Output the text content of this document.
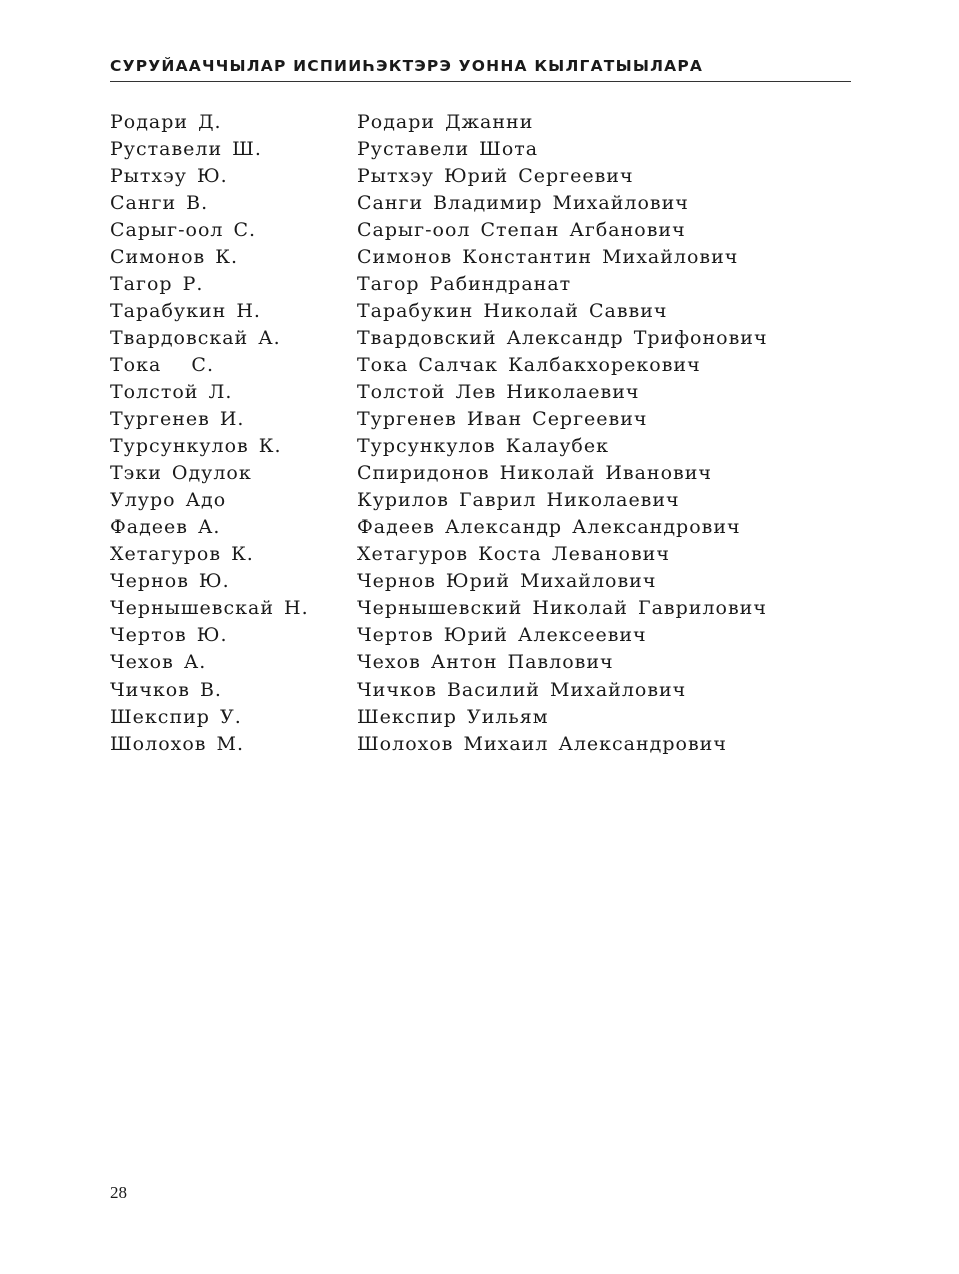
СУРУЙААЧЧЫЛАР ИСПИИҺЭКТЭРЭ УОННА КЫЛГАТЫЫЛАРА
Родари Д.	Родари Джанни
Руставели Ш.	Руставели Шота
Рытхэу Ю.	Рытхэу Юрий Сергеевич
Санги В.	Санги Владимир Михайлович
Сарыг-оол С.	Сарыг-оол Степан Агбанович
Симонов К.	Симонов Константин Михайлович
Тагор Р.	Тагор Рабиндранат
Тарабукин Н.	Тарабукин Николай Саввич
Твардовскай А.	Твардовский Александр Трифонович
Тока   С.	Тока Салчак Калбакхорекович
Толстой Л.	Толстой Лев Николаевич
Тургенев И.	Тургенев Иван Сергеевич
Турсункулов К.	Турсункулов Калаубек
Тэки Одулок	Спиридонов Николай Иванович
Улуро Адо	Курилов Гаврил Николаевич
Фадеев А.	Фадеев Александр Александрович
Хетагуров К.	Хетагуров Коста Леванович
Чернов Ю.	Чернов Юрий Михайлович
Чернышевскай Н.	Чернышевский Николай Гаврилович
Чертов Ю.	Чертов Юрий Алексеевич
Чехов А.	Чехов Антон Павлович
Чичков В.	Чичков Василий Михайлович
Шекспир У.	Шекспир Уильям
Шолохов М.	Шолохов Михаил Александрович
28
